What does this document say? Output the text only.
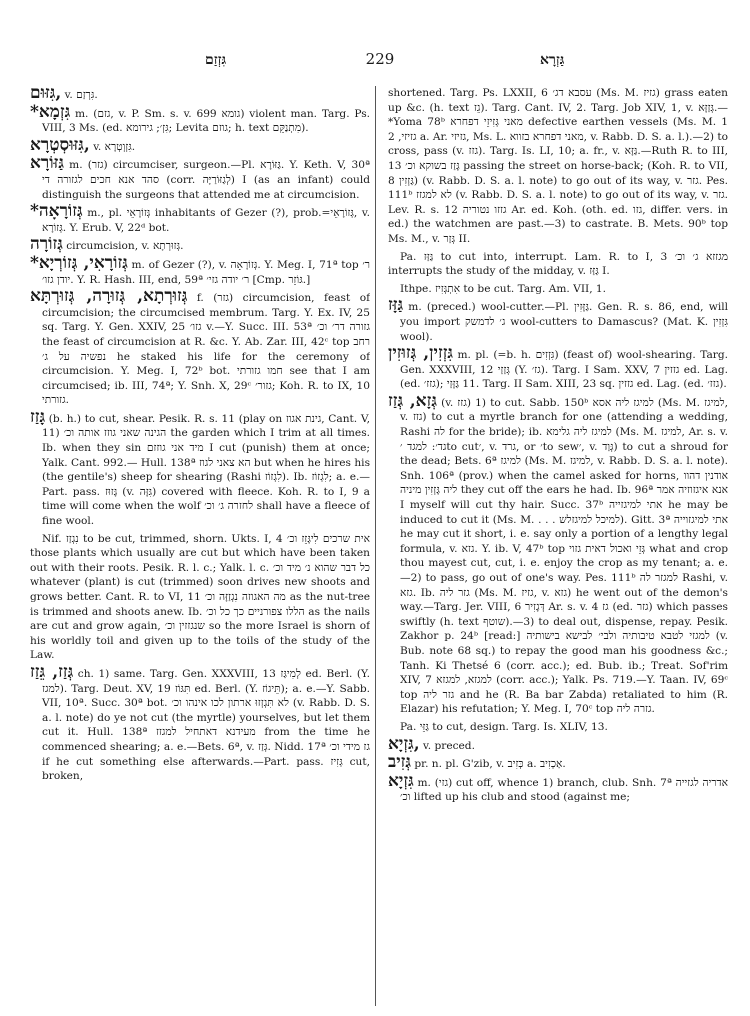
גִּזְזַם	229	גַּזְרָא

גִּזּוּם, v. גִּרְזַם.

*גִּזְמָא m. (גזם, v. P. Sm. s. v. גומא 699) violent man. Targ. Ps. VIII, 3 Ms. (ed. גִּזְ׳; גירומא; Levita גוזם; h. text מִתְנַקֵּם).

גִּזּוּסְטְרָא, v. גִּזְוְטְרָא.

גַּזּוֹרָא m. (גזר) circumciser, surgeon.—Pl. גַּזּוֹרָא. Y. Keth. V, 30ª סהד אנא חכים לגזורה די (corr. לְגַזּוֹרַיָּה) I (as an infant) could distinguish the surgeons that attended me at circumcision.

*גְּזוֹרָאָה m., pl. גְּזוֹרָאֵי inhabitants of Gezer (?), prob.=גְּזוֹרָאֵי, v. גְּזוֹרָא. Y. Erub. V, 22ᵈ bot.

גְּזוֹרָה circumcision, v. גְּזוּרְתָא.

*גְּזוֹרָאִי, גְּזוֹרְיָא m. of Gezer (?), v. גְּזוֹרָאָה. Y. Meg. I, 71ª top ר׳ יודן גזו׳. Y. R. Hash. III, end, 59ª ר׳ יודה גזי׳ [Cmp. גּוֹזֵר.]

גְּזוּרְתָא, גְּזוּרָה, גְּזוּרְתָּא f. (גזר) circumcision, feast of circumcision; the circumcised membrum. Targ. Y. Ex. IV, 25 sq. Targ. Y. Gen. XXIV, 25 גזו׳ v.—Y. Succ. III. 53ª גזורה דר׳ וכ׳ the feast of circumcision at R. &c. Y. Ab. Zar. III, 42ᶜ top רחב נפשיה על ג׳ he staked his life for the ceremony of circumcision. Y. Meg. I, 72ᵇ bot. חמו גזורתי see that I am circumcised; ib. III, 74ª; Y. Snh. X, 29ᶜ גזור׳; Koh. R. to IX, 10 גזורתי.

גָּזַז (b. h.) to cut, shear. Pesik. R. s. 11 (play on גינת אגוז, Cant. V, 11) הגינה שאני גוזז אותה וכ׳ the garden which I trim at all times. Ib. when they sin מיד אני גוזזם I cut (punish) them at once; Yalk. Cant. 992.— Hull. 138ª הא צאני לגוז but when he hires his (the gentile's) sheep for shearing (Rashi לִגְזוֹז). Ib. לִגְזוֹז; a. e.—Part. pass. גָּזוּז (v. גִּזָּה) covered with fleece. Koh. R. to I, 9 a time will come when the wolf לחזרה ג׳ וכ׳ shall have a fleece of fine wool.

Nif. נִגְזַז to be cut, trimmed, shorn. Ukts. I, 4 אית שרכים לִיגָּזֵז וכ׳ those plants which usually are cut but which have been taken out with their roots. Pesik. R. l. c.; Yalk. l. c. כל דבר שהוא נ׳ מיד וכ׳ whatever (plant) is cut (trimmed) soon drives new shoots and grows better. Cant. R. to VI, 11 מה האגוזה נִגְזַזָּה וכ׳ as the nut-tree is trimmed and shoots anew. Ib. הללו צפורניים כך כל וכ׳ as the nails are cut and grow again, שנגזזין וכ׳ so the more Israel is shorn of his worldly toil and given up to the toils of the study of the Law.

גְּזַז, גֵּזַז ch. 1) same. Targ. Gen. XXXVIII, 13 לְמִיגַּז ed. Berl. (Y. למגז). Targ. Deut. XV, 19 תִּגּוֹז ed. Berl. (Y. תֵּיגוֹז); a. e.—Y. Sabb. VII, 10ª. Succ. 30ª bot. לא תִּגְזְזוּ ארתון לכו אינהו וכ׳ (v. Rabb. D. S. a. l. note) do ye not cut (the myrtle) yourselves, but let them cut it. Hull. 138ª מעידנא דאתחיל למגזז from the time he commenced shearing; a. e.—Bets. 6ª, v. גְּזַז. Nidd. 17ª גז מידי וכ׳ if he cut something else afterwards.—Part. pass. גְּזִיז cut, broken,

shortened. Targ. Ps. LXXII, 6 עסבא דג׳ (Ms. M. גזיז) grass eaten up &c. (h. text גֵז). Targ. Cant. IV, 2. Targ. Job XIV, 1, v. גְּזַזָּא.—*Yoma 78ᵇ מאני גְּזִיזֵי דפחרא defective earthen vessels (Ms. M. 1 גזיזי, 2 a. Ar. גזיזי, Ms. L. מאני דפחרא בזווא, v. Rabb. D. S. a. l.).—2) to cross, pass (v. גזז). Targ. Is. LI, 10; a. fr., v. גַּזָּא.—Ruth R. to III, 13 גָּזַז בשוקא וכ׳ passing the street on horse-back; (Koh. R. to VII, 8 גַּזְזִין) (v. Rabb. D. S. a. l. note) to go out of its way, v. גזר. Pes. 111ᵇ לא למגזז (v. Rabb. D. S. a. l. note) to go out of its way, v. גזר. Lev. R. s. 12 גזזו נטוריה Ar. ed. Koh. (oth. ed. גזו, differ. vers. in ed.) the watchmen are past.—3) to castrate. B. Mets. 90ᵇ top Ms. M., v. גְּזַר II.

Pa. גַּזַּז to cut into, interrupt. Lam. R. to I, 3 מגזזא ג׳ וכ׳ interrupts the study of the midday, v. גַּזַּז I.

Ithpe. אִתְגְּזִיז to be cut. Targ. Am. VII, 1.

גַּזָּז m. (preced.) wool-cutter.—Pl. גַּזָּזִין. Gen. R. s. 86, end, will you import ג׳ לדמשק wool-cutters to Damascus? (Mat. K. גִּזְזִין wool).

גִּזְזִין, גְּזוּזִין m. pl. (=b. h. גִּזְזִים) (feast of) wool-shearing. Targ. Gen. XXXVIII, 12 גְּזַזַי (Y. גז׳). Targ. I Sam. XXV, 7 גזזין ed. Lag. (ed. גזז׳); 11 גַּזָּזַי. Targ. II Sam. XIII, 23 sq. גזזין ed. Lag. (ed. גזז׳).

גְּזָא, גְּזַז (v. גזז) 1) to cut. Sabb. 150ᵇ למיגז ליה אסא (Ms. M. למיגז, v. גזז) to cut a myrtle branch for one (attending a wedding, Rashi לה for the bride); ib. למיגז ליה גלימא (Ms. M. למיגז, Ar. s. v. גד׳: למגד ׳to cut׳, v. גרד, or ׳to sew׳, v. גְּוַד) to cut a shroud for the dead; Bets. 6ª למיגז (Ms. M. למיגז, v. Rabb. D. S. a. l. note). Snh. 106ª (prov.) when the camel asked for horns, אודנין דהוו ליה גָּזְזִין מיניה they cut off the ears he had. Ib. 96ª אנא איגזוזיה אמר I myself will cut thy hair. Succ. 37ᵇ אתי למיגזייה he may be induced to cut it (Ms. M. . . . למיכל למיגזלש). Gitt. 3ª אתי למיגזוייה he may cut it short, i. e. say only a portion of a lengthy legal formula, v. גזא. Y. ib. V, 47ᵇ top גְּזֵי ואכול דאית גזוי what and crop thou mayest cut, cut, i. e. enjoy the crop as my tenant; a. e. —2) to pass, go out of one's way. Pes. 111ᵇ למגזר לה Rashi, v. גזא. Ib. גזר ליה (Ms. M. גזיז, v. גזא) he went out of the demon's way.—Targ. Jer. VIII, 6 דְּגָזִיר Ar. s. v. גז 4 (ed. גזר) which passes swiftly (h. text שוטף).—3) to deal out, dispense, repay. Pesik. Zakhor p. 24ᵇ [read:] למגזי לטבא טיבותיה ולבי׳ לבישא בישותיה (v. Bub. note 68 sq.) to repay the good man his goodness &c.; Tanh. Ki Thetsé 6 (corr. acc.); ed. Bub. ib.; Treat. Sof'rim XIV, 7 למגזא, למגזא (corr. acc.); Yalk. Ps. 719.—Y. Taan. IV, 69ᶜ top גזר ליה and he (R. Ba bar Zabda) retaliated to him (R. Elazar) his refutation; Y. Meg. I, 70ᶜ top גזרה ליה.

Pa. גַּזֵּי to cut, design. Targ. Is. XLIV, 13.

גִּזְיָא, v. preced.

גְּזִיב pr. n. pl. G'zib, v. כְּזִיב a. אַכְזִיב.

גִּזְיָא m. (גזי) cut off, whence 1) branch, club. Snh. 7ª אדריה לגזייה וכ׳ lifted up his club and stood (against me;
